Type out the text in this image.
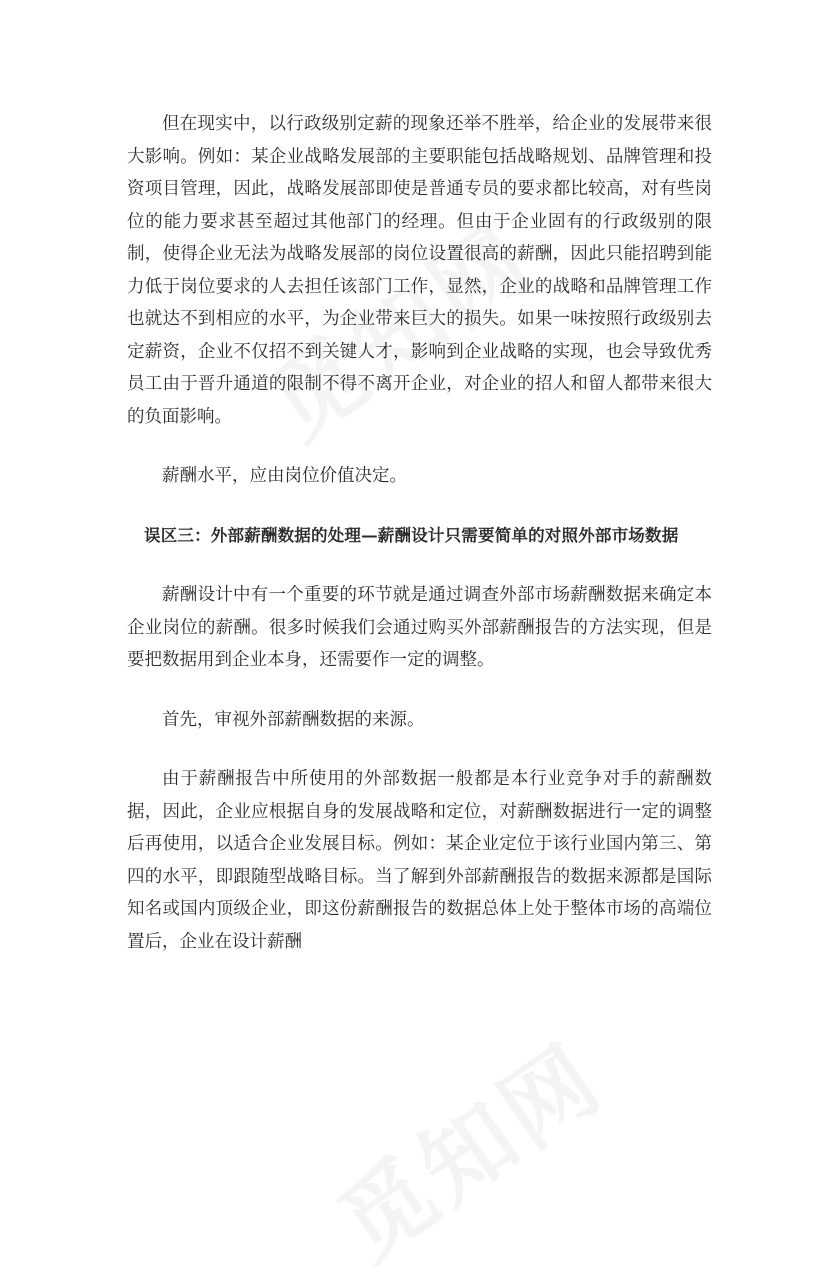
但在现实中，以行政级别定薪的现象还举不胜举，给企业的发展带来很大影响。例如：某企业战略发展部的主要职能包括战略规划、品牌管理和投资项目管理，因此，战略发展部即使是普通专员的要求都比较高，对有些岗位的能力要求甚至超过其他部门的经理。但由于企业固有的行政级别的限制，使得企业无法为战略发展部的岗位设置很高的薪酬，因此只能招聘到能力低于岗位要求的人去担任该部门工作，显然，企业的战略和品牌管理工作也就达不到相应的水平，为企业带来巨大的损失。如果一味按照行政级别去定薪资，企业不仅招不到关键人才，影响到企业战略的实现，也会导致优秀员工由于晋升通道的限制不得不离开企业，对企业的招人和留人都带来很大的负面影响。

薪酬水平，应由岗位价值决定。

误区三：外部薪酬数据的处理—薪酬设计只需要简单的对照外部市场数据

薪酬设计中有一个重要的环节就是通过调查外部市场薪酬数据来确定本企业岗位的薪酬。很多时候我们会通过购买外部薪酬报告的方法实现，但是要把数据用到企业本身，还需要作一定的调整。

首先，审视外部薪酬数据的来源。

由于薪酬报告中所使用的外部数据一般都是本行业竞争对手的薪酬数据，因此，企业应根据自身的发展战略和定位，对薪酬数据进行一定的调整后再使用，以适合企业发展目标。例如：某企业定位于该行业国内第三、第四的水平，即跟随型战略目标。当了解到外部薪酬报告的数据来源都是国际知名或国内顶级企业，即这份薪酬报告的数据总体上处于整体市场的高端位置后，企业在设计薪酬
